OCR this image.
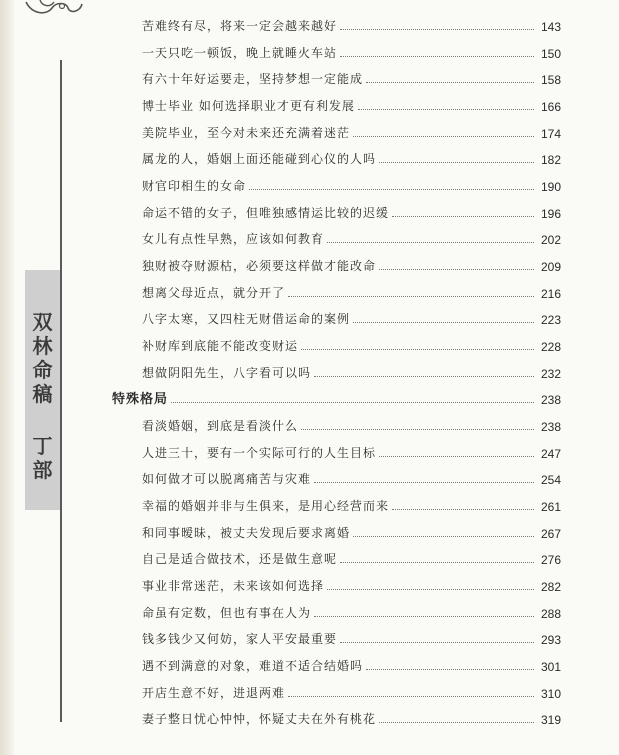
双
林
命
稿
丁
部
苦难终有尽，将来一定会越来越好	143
一天只吃一顿饭，晚上就睡火车站	150
有六十年好运要走，坚持梦想一定能成	158
博士毕业 如何选择职业才更有利发展	166
美院毕业，至今对未来还充满着迷茫	174
属龙的人，婚姻上面还能碰到心仪的人吗	182
财官印相生的女命	190
命运不错的女子，但唯独感情运比较的迟缓	196
女儿有点性早熟，应该如何教育	202
独财被夺财源枯，必须要这样做才能改命	209
想离父母近点，就分开了	216
八字太寒，又四柱无财借运命的案例	223
补财库到底能不能改变财运	228
想做阴阳先生，八字看可以吗	232
特殊格局	238
看淡婚姻，到底是看淡什么	238
人进三十，要有一个实际可行的人生目标	247
如何做才可以脱离痛苦与灾难	254
幸福的婚姻并非与生俱来，是用心经营而来	261
和同事暧昧，被丈夫发现后要求离婚	267
自己是适合做技术，还是做生意呢	276
事业非常迷茫，未来该如何选择	282
命虽有定数，但也有事在人为	288
钱多钱少又何妨，家人平安最重要	293
遇不到满意的对象，难道不适合结婚吗	301
开店生意不好，进退两难	310
妻子整日忧心忡忡，怀疑丈夫在外有桃花	319
